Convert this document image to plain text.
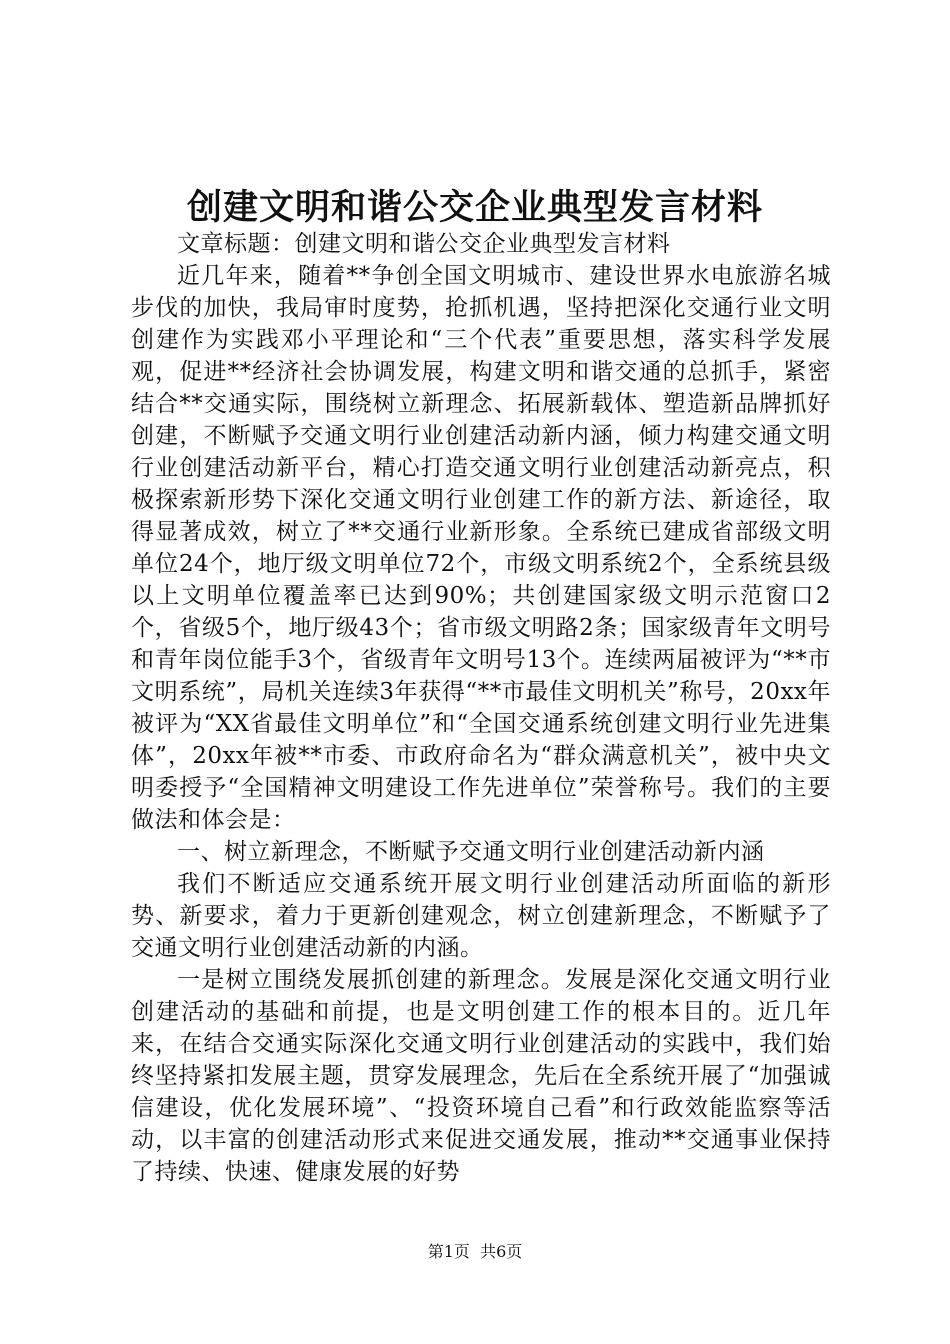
创建文明和谐公交企业典型发言材料

文章标题：创建文明和谐公交企业典型发言材料

近几年来，随着**争创全国文明城市、建设世界水电旅游名城步伐的加快，我局审时度势，抢抓机遇，坚持把深化交通行业文明创建作为实践邓小平理论和“三个代表”重要思想，落实科学发展观，促进**经济社会协调发展，构建文明和谐交通的总抓手，紧密结合**交通实际，围绕树立新理念、拓展新载体、塑造新品牌抓好创建，不断赋予交通文明行业创建活动新内涵，倾力构建交通文明行业创建活动新平台，精心打造交通文明行业创建活动新亮点，积极探索新形势下深化交通文明行业创建工作的新方法、新途径，取得显著成效，树立了**交通行业新形象。全系统已建成省部级文明单位24个，地厅级文明单位72个，市级文明系统2个，全系统县级以上文明单位覆盖率已达到90%；共创建国家级文明示范窗口2个，省级5个，地厅级43个；省市级文明路2条；国家级青年文明号和青年岗位能手3个，省级青年文明号13个。连续两届被评为“**市文明系统”，局机关连续3年获得“**市最佳文明机关”称号，20xx年被评为“XX省最佳文明单位”和“全国交通系统创建文明行业先进集体”，20xx年被**市委、市政府命名为“群众满意机关”，被中央文明委授予“全国精神文明建设工作先进单位”荣誉称号。我们的主要做法和体会是：

一、树立新理念，不断赋予交通文明行业创建活动新内涵

我们不断适应交通系统开展文明行业创建活动所面临的新形势、新要求，着力于更新创建观念，树立创建新理念，不断赋予了交通文明行业创建活动新的内涵。

一是树立围绕发展抓创建的新理念。发展是深化交通文明行业创建活动的基础和前提，也是文明创建工作的根本目的。近几年来，在结合交通实际深化交通文明行业创建活动的实践中，我们始终坚持紧扣发展主题，贯穿发展理念，先后在全系统开展了“加强诚信建设，优化发展环境”、“投资环境自己看”和行政效能监察等活动，以丰富的创建活动形式来促进交通发展，推动**交通事业保持了持续、快速、健康发展的好势

第1页 共6页
